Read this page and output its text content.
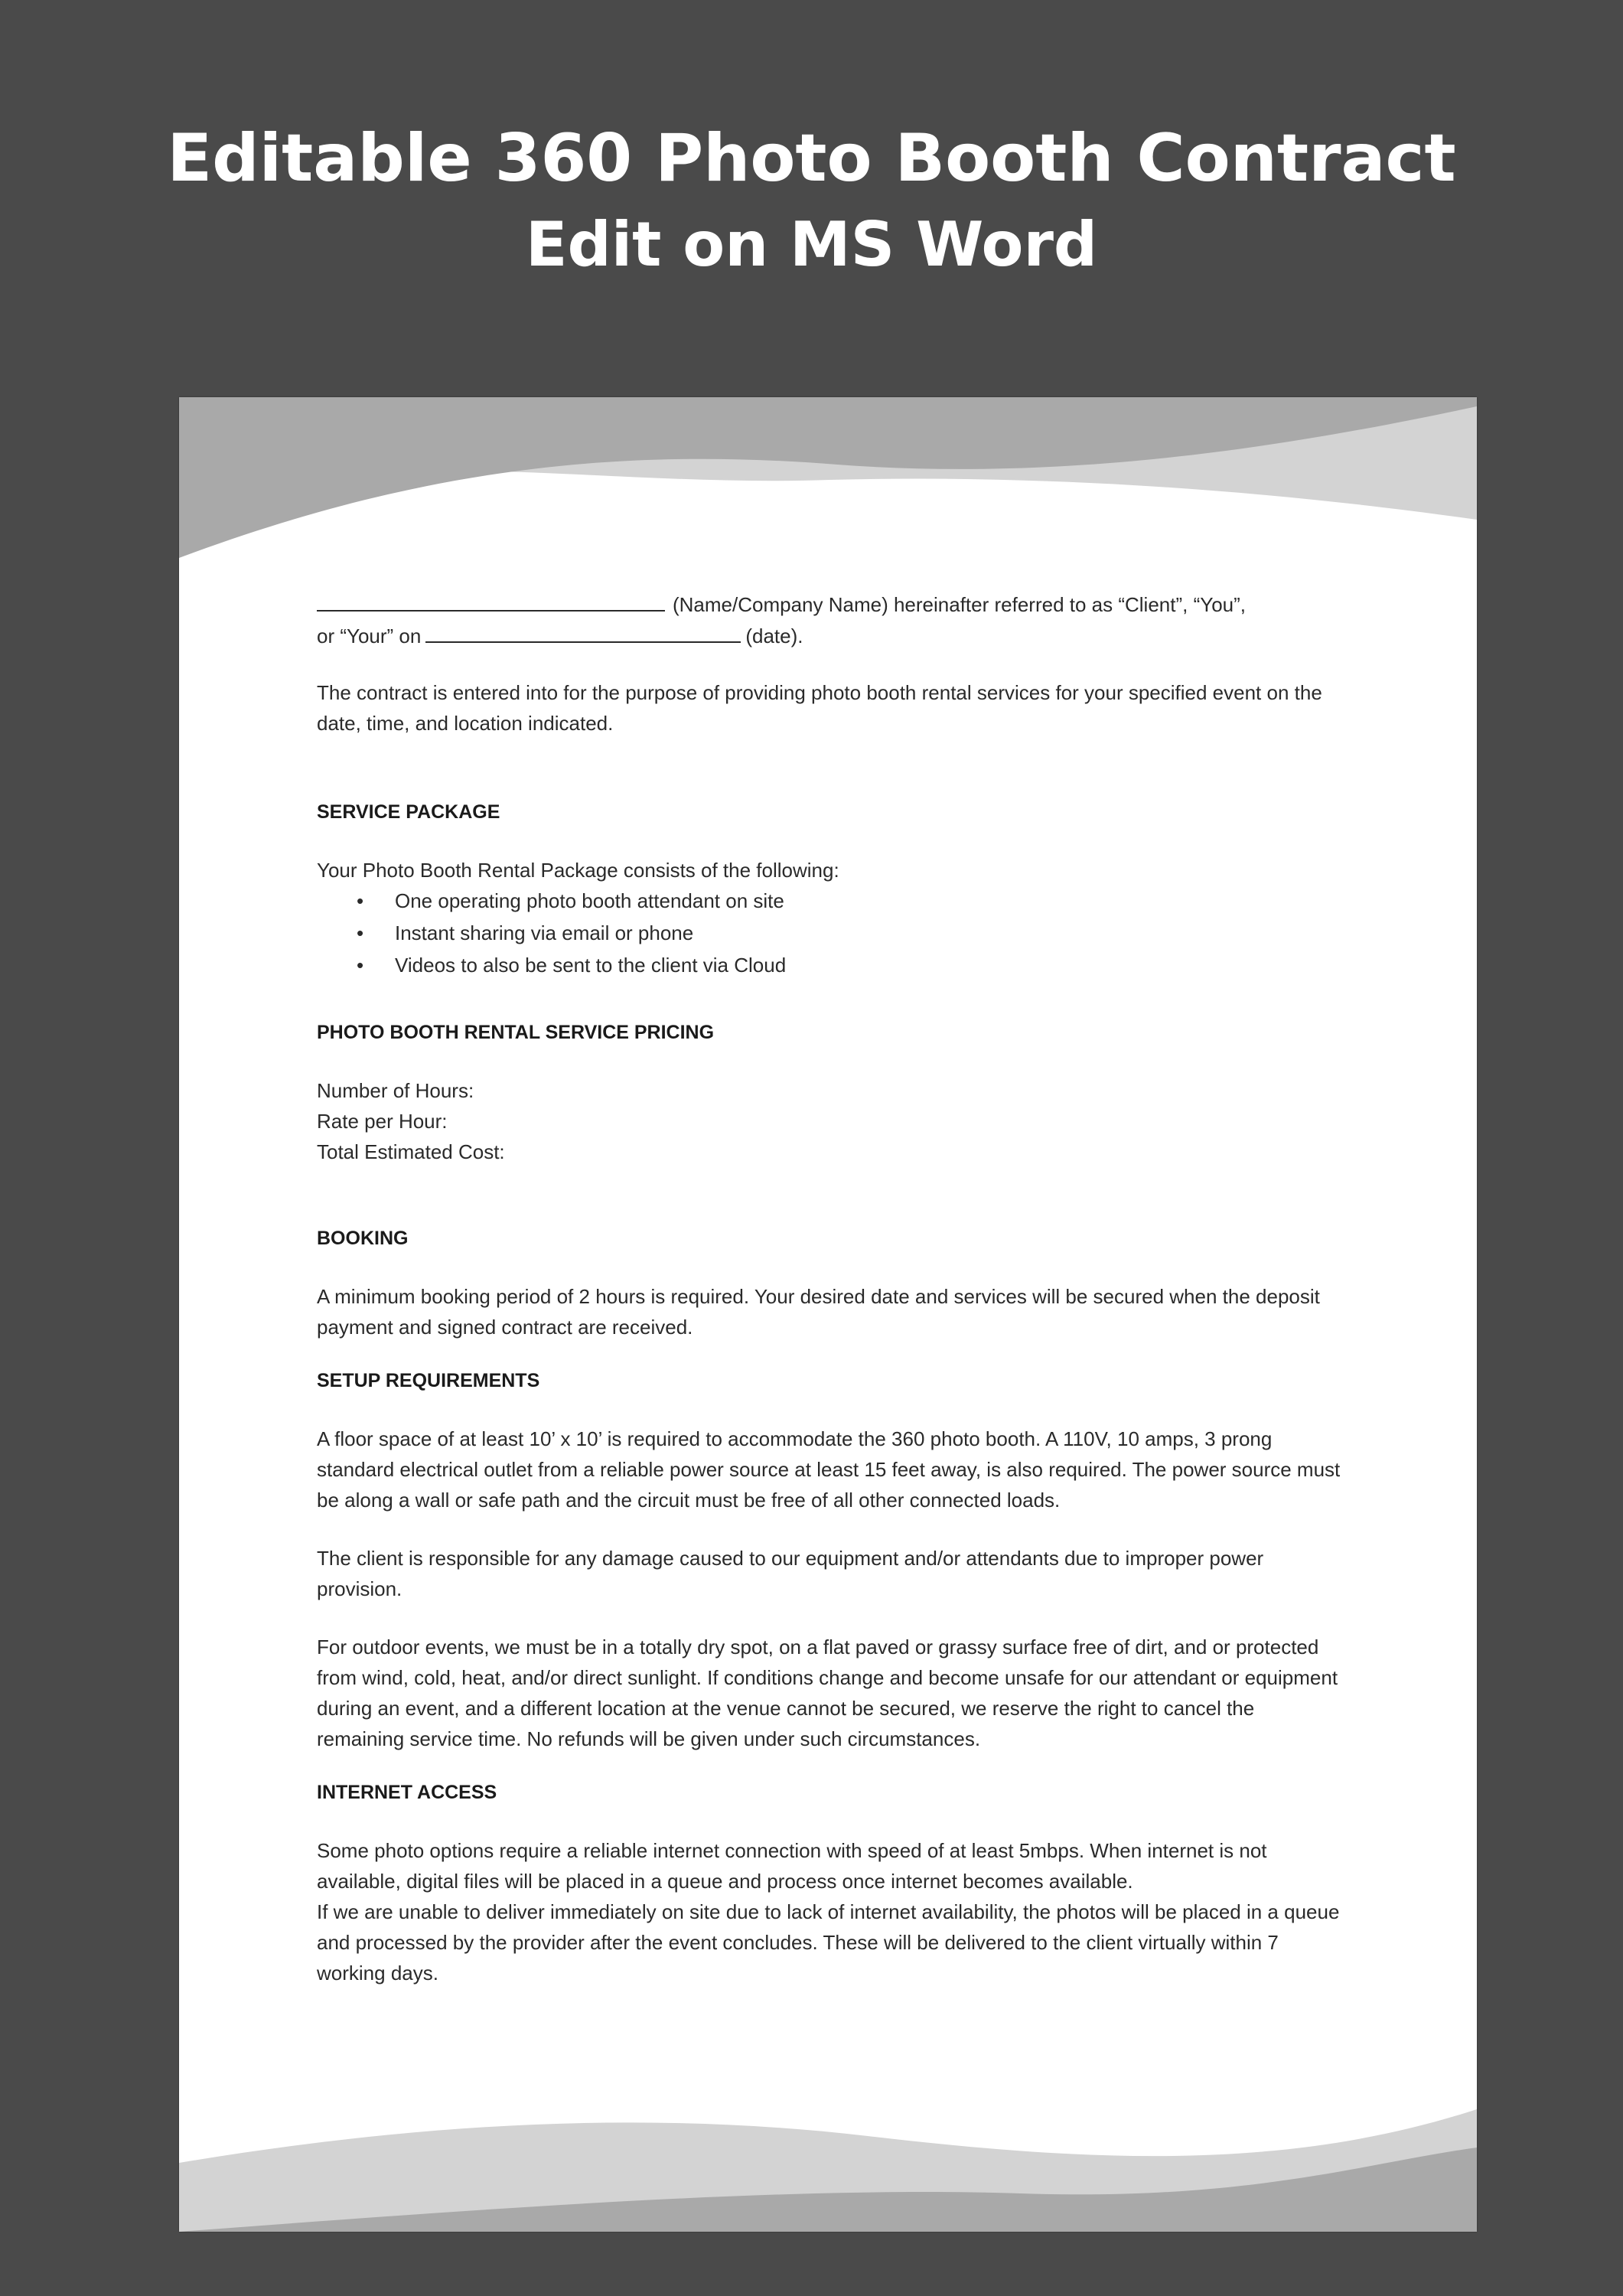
Editable 360 Photo Booth Contract
Edit on MS Word

(Name/Company Name) hereinafter referred to as “Client”, “You”,

or “Your” on	(date).

The contract is entered into for the purpose of providing photo booth rental services for your specified event on the date, time, and location indicated.

SERVICE PACKAGE

Your Photo Booth Rental Package consists of the following:

• One operating photo booth attendant on site
• Instant sharing via email or phone
• Videos to also be sent to the client via Cloud

PHOTO BOOTH RENTAL SERVICE PRICING

Number of Hours:

Rate per Hour:

Total Estimated Cost:

BOOKING

A minimum booking period of 2 hours is required. Your desired date and services will be secured when the deposit payment and signed contract are received.

SETUP REQUIREMENTS

A floor space of at least 10’ x 10’ is required to accommodate the 360 photo booth. A 110V, 10 amps, 3 prong standard electrical outlet from a reliable power source at least 15 feet away, is also required. The power source must be along a wall or safe path and the circuit must be free of all other connected loads.

The client is responsible for any damage caused to our equipment and/or attendants due to improper power provision.

For outdoor events, we must be in a totally dry spot, on a flat paved or grassy surface free of dirt, and or protected from wind, cold, heat, and/or direct sunlight. If conditions change and become unsafe for our attendant or equipment during an event, and a different location at the venue cannot be secured, we reserve the right to cancel the remaining service time. No refunds will be given under such circumstances.

INTERNET ACCESS

Some photo options require a reliable internet connection with speed of at least 5mbps. When internet is not available, digital files will be placed in a queue and process once internet becomes available.

If we are unable to deliver immediately on site due to lack of internet availability, the photos will be placed in a queue and processed by the provider after the event concludes. These will be delivered to the client virtually within 7 working days.
